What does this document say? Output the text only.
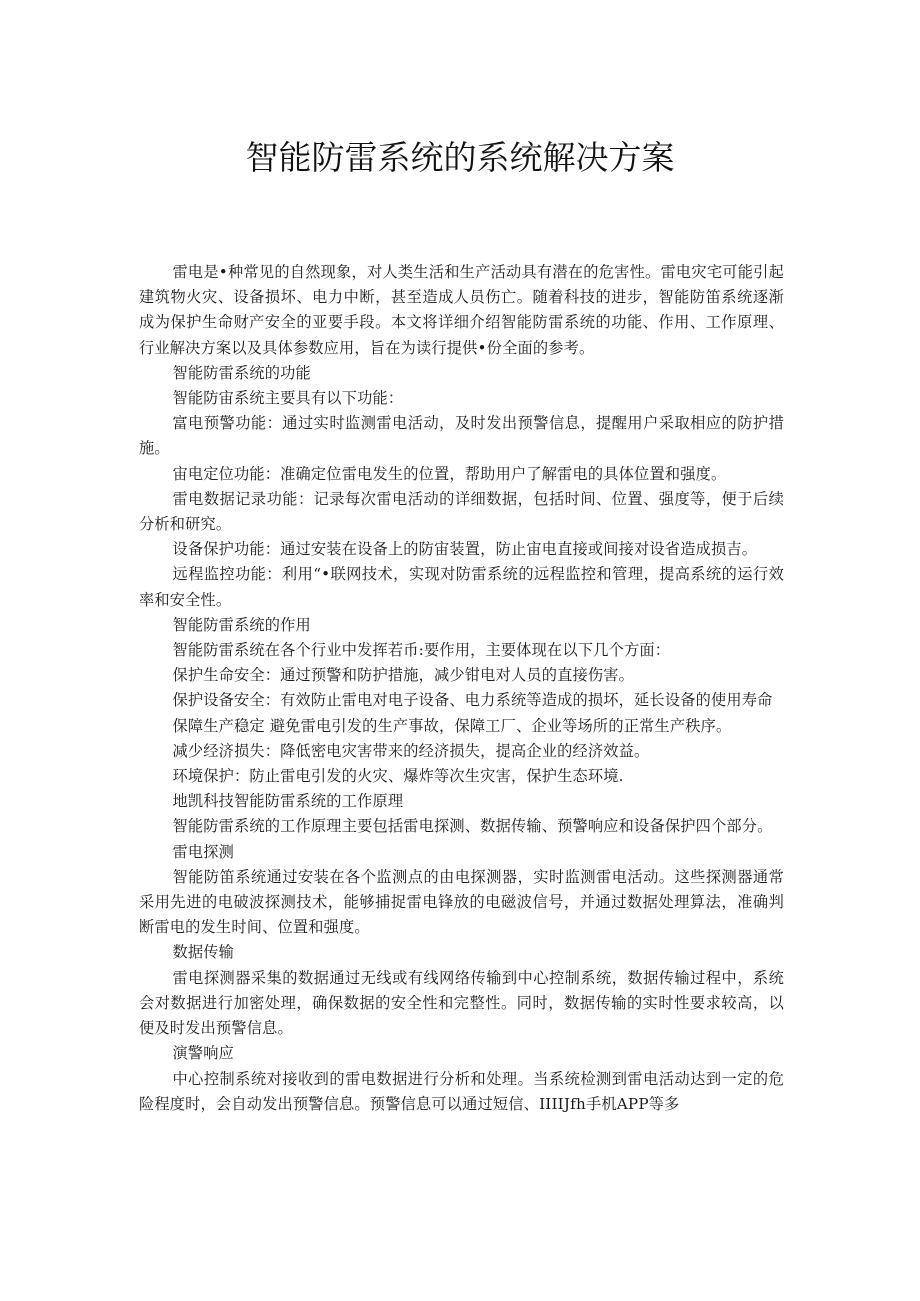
智能防雷系统的系统解决方案

雷电是•种常见的自然现象，对人类生活和生产活动具有潜在的危害性。雷电灾宅可能引起建筑物火灾、设备损坏、电力中断，甚至造成人员伤亡。随着科技的进步，智能防笛系统逐渐成为保护生命财产安全的亚要手段。本文将详细介绍智能防雷系统的功能、作用、工作原理、行业解决方案以及具体参数应用，旨在为读行提供•份全面的参考。

智能防雷系统的功能

智能防宙系统主要具有以下功能：

富电预警功能：通过实时监测雷电活动，及时发出预警信息，提醒用户采取相应的防护措施。

宙电定位功能：准确定位雷电发生的位置，帮助用户了解雷电的具体位置和强度。

雷电数据记录功能：记录每次雷电活动的详细数据，包括时间、位置、强度等，便于后续分析和研究。

设备保护功能：通过安装在设备上的防宙装置，防止宙电直接或间接对设省造成损吉。

远程监控功能：利用“•联网技术，实现对防雷系统的远程监控和管理，提高系统的运行效率和安全性。

智能防雷系统的作用

智能防雷系统在各个行业中发挥若币:要作用，主要体现在以下几个方面：

保护生命安全：通过预警和防护措施，减少钳电对人员的直接伤害。

保护设备安全：有效防止雷电对电子设备、电力系统等造成的损坏，延长设备的使用寿命

保障生产稳定 避免雷电引发的生产事故，保障工厂、企业等场所的正常生产秩序。

减少经济损失：降低密电灾害带来的经济损失，提高企业的经济效益。

环境保护：防止雷电引发的火灾、爆炸等次生灾害，保护生态环境.

地凯科技智能防雷系统的工作原理

智能防雷系统的工作原理主要包括雷电探测、数据传输、预警响应和设备保护四个部分。

雷电探测

智能防笛系统通过安装在各个监测点的由电探测器，实时监测雷电活动。这些探测器通常采用先进的电破波探测技术，能够捕捉雷电锋放的电磁波信号，并通过数据处理算法，准确判断雷电的发生时间、位置和强度。

数据传输

雷电探测器采集的数据通过无线或有线网络传输到中心控制系统，数据传输过程中，系统会对数据进行加密处理，确保数据的安全性和完整性。同时，数据传输的实时性要求较高，以便及时发出预警信息。

演警响应

中心控制系统对接收到的雷电数据进行分析和处理。当系统检测到雷电活动达到一定的危险程度时，会自动发出预警信息。预警信息可以通过短信、IIIIJfh手机APP等多
